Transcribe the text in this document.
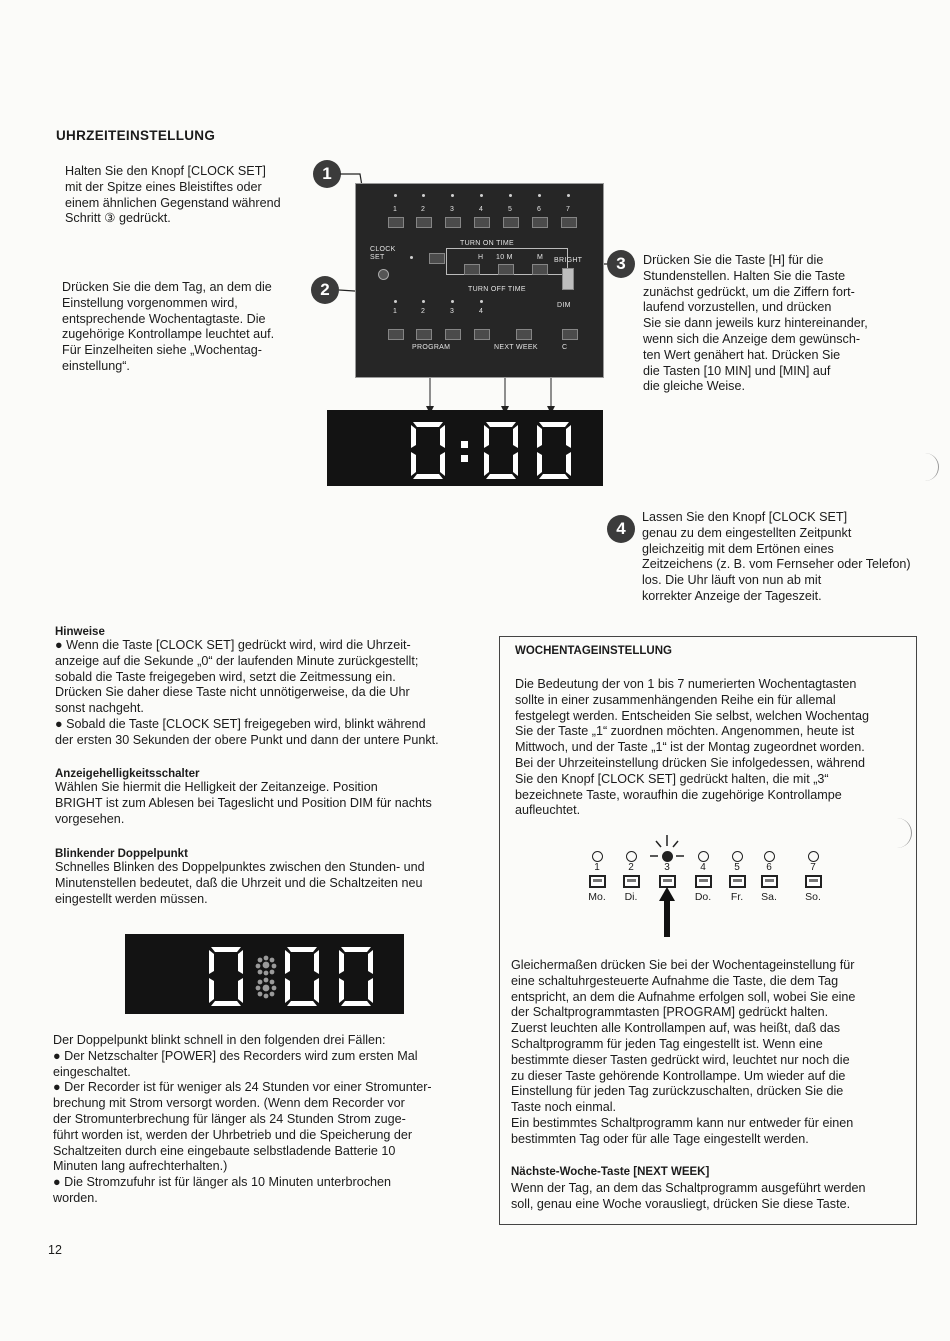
UHRZEITEINSTELLUNG
Halten Sie den Knopf [CLOCK SET]
mit der Spitze eines Bleistiftes oder
einem ähnlichen Gegenstand während
Schritt ③ gedrückt.
Drücken Sie die dem Tag, an dem die
Einstellung vorgenommen wird,
entsprechende Wochentagtaste. Die
zugehörige Kontrollampe leuchtet auf.
Für Einzelheiten siehe „Wochentag-
einstellung“.
1
2
3
4
1	2	3	4	5	6	7
CLOCK SET
TURN ON TIME
H 10 M	M BRIGHT
TURN OFF TIME
DIM
1	2	3	4
PROGRAM	NEXT WEEK	C
Drücken Sie die Taste [H] für die
Stundenstellen. Halten Sie die Taste
zunächst gedrückt, um die Ziffern fort-
laufend vorzustellen, und drücken
Sie sie dann jeweils kurz hintereinander,
wenn sich die Anzeige dem gewünsch-
ten Wert genähert hat. Drücken Sie
die Tasten [10 MIN] und [MIN] auf
die gleiche Weise.
Lassen Sie den Knopf [CLOCK SET]
genau zu dem eingestellten Zeitpunkt
gleichzeitig mit dem Ertönen eines
Zeitzeichens (z. B. vom Fernseher oder Telefon)
los. Die Uhr läuft von nun ab mit
korrekter Anzeige der Tageszeit.
Hinweise
● Wenn die Taste [CLOCK SET] gedrückt wird, wird die Uhrzeit-
anzeige auf die Sekunde „0“ der laufenden Minute zurückgestellt;
sobald die Taste freigegeben wird, setzt die Zeitmessung ein.
Drücken Sie daher diese Taste nicht unnötigerweise, da die Uhr
sonst nachgeht.
● Sobald die Taste [CLOCK SET] freigegeben wird, blinkt während
der ersten 30 Sekunden der obere Punkt und dann der untere Punkt.
Anzeigehelligkeitsschalter
Wählen Sie hiermit die Helligkeit der Zeitanzeige. Position
BRIGHT ist zum Ablesen bei Tageslicht und Position DIM für nachts
vorgesehen.
Blinkender Doppelpunkt
Schnelles Blinken des Doppelpunktes zwischen den Stunden- und
Minutenstellen bedeutet, daß die Uhrzeit und die Schaltzeiten neu
eingestellt werden müssen.
Der Doppelpunkt blinkt schnell in den folgenden drei Fällen:
● Der Netzschalter [POWER] des Recorders wird zum ersten Mal
eingeschaltet.
● Der Recorder ist für weniger als 24 Stunden vor einer Stromunter-
brechung mit Strom versorgt worden. (Wenn dem Recorder vor
der Stromunterbrechung für länger als 24 Stunden Strom zuge-
führt worden ist, werden der Uhrbetrieb und die Speicherung der
Schaltzeiten durch eine eingebaute selbstladende Batterie 10
Minuten lang aufrechterhalten.)
● Die Stromzufuhr ist für länger als 10 Minuten unterbrochen
worden.
WOCHENTAGEINSTELLUNG
Die Bedeutung der von 1 bis 7 numerierten Wochentagtasten
sollte in einer zusammenhängenden Reihe ein für allemal
festgelegt werden. Entscheiden Sie selbst, welchen Wochentag
Sie der Taste „1“ zuordnen möchten. Angenommen, heute ist
Mittwoch, und der Taste „1“ ist der Montag zugeordnet worden.
Bei der Uhrzeiteinstellung drücken Sie infolgedessen, während
Sie den Knopf [CLOCK SET] gedrückt halten, die mit „3“
bezeichnete Taste, woraufhin die zugehörige Kontrollampe
aufleuchtet.
1
Mo.
2
Di.
3	4
Do.
5
Fr.
6
Sa.
7
So.
Gleichermaßen drücken Sie bei der Wochentageinstellung für
eine schaltuhrgesteuerte Aufnahme die Taste, die dem Tag
entspricht, an dem die Aufnahme erfolgen soll, wobei Sie eine
der Schaltprogrammtasten [PROGRAM] gedrückt halten.
Zuerst leuchten alle Kontrollampen auf, was heißt, daß das
Schaltprogramm für jeden Tag eingestellt ist. Wenn eine
bestimmte dieser Tasten gedrückt wird, leuchtet nur noch die
zu dieser Taste gehörende Kontrollampe. Um wieder auf die
Einstellung für jeden Tag zurückzuschalten, drücken Sie die
Taste noch einmal.
Ein bestimmtes Schaltprogramm kann nur entweder für einen
bestimmten Tag oder für alle Tage eingestellt werden.
Nächste-Woche-Taste [NEXT WEEK]
Wenn der Tag, an dem das Schaltprogramm ausgeführt werden
soll, genau eine Woche vorausliegt, drücken Sie diese Taste.
12
